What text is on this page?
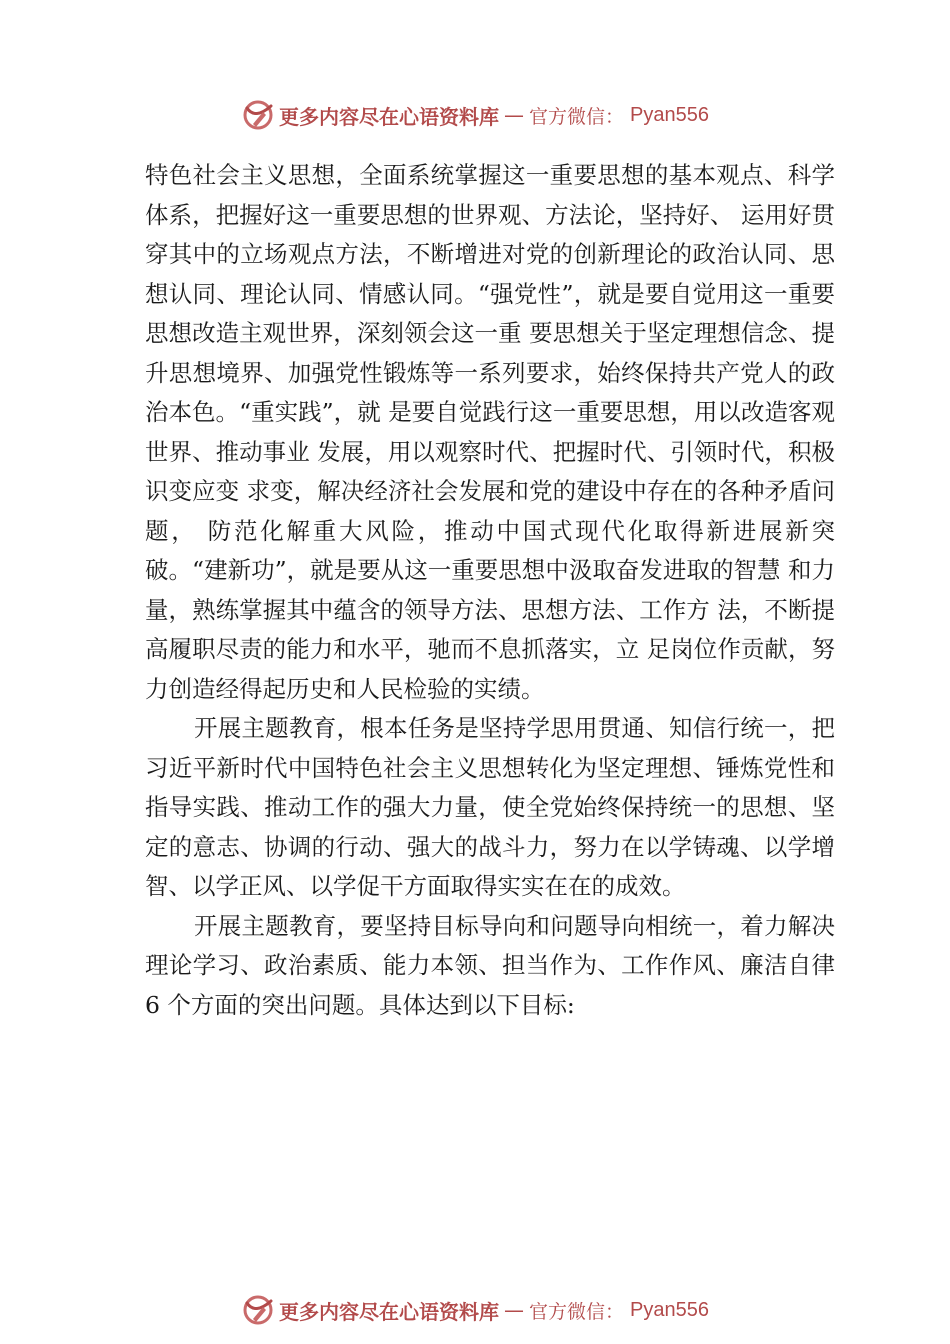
更多内容尽在心语资料库 — 官方微信： Pyan556

特色社会主义思想，全面系统掌握这一重要思想的基本观点、科学体系，把握好这一重要思想的世界观、方法论，坚持好、 运用好贯穿其中的立场观点方法，不断增进对党的创新理论的政治认同、思想认同、理论认同、情感认同。“强党性”，就是要自觉用这一重要思想改造主观世界，深刻领会这一重 要思想关于坚定理想信念、提升思想境界、加强党性锻炼等一系列要求，始终保持共产党人的政治本色。“重实践”，就 是要自觉践行这一重要思想，用以改造客观世界、推动事业 发展，用以观察时代、把握时代、引领时代，积极识变应变 求变，解决经济社会发展和党的建设中存在的各种矛盾问题， 防范化解重大风险，推动中国式现代化取得新进展新突破。“建新功”，就是要从这一重要思想中汲取奋发进取的智慧 和力量，熟练掌握其中蕴含的领导方法、思想方法、工作方 法，不断提高履职尽责的能力和水平，驰而不息抓落实，立 足岗位作贡献，努力创造经得起历史和人民检验的实绩。

开展主题教育，根本任务是坚持学思用贯通、知信行统一，把习近平新时代中国特色社会主义思想转化为坚定理想、锤炼党性和指导实践、推动工作的强大力量，使全党始终保持统一的思想、坚定的意志、协调的行动、强大的战斗力，努力在以学铸魂、以学增智、以学正风、以学促干方面取得实实在在的成效。

开展主题教育，要坚持目标导向和问题导向相统一，着力解决理论学习、政治素质、能力本领、担当作为、工作作风、廉洁自律 6 个方面的突出问题。具体达到以下目标:

更多内容尽在心语资料库 — 官方微信： Pyan556
